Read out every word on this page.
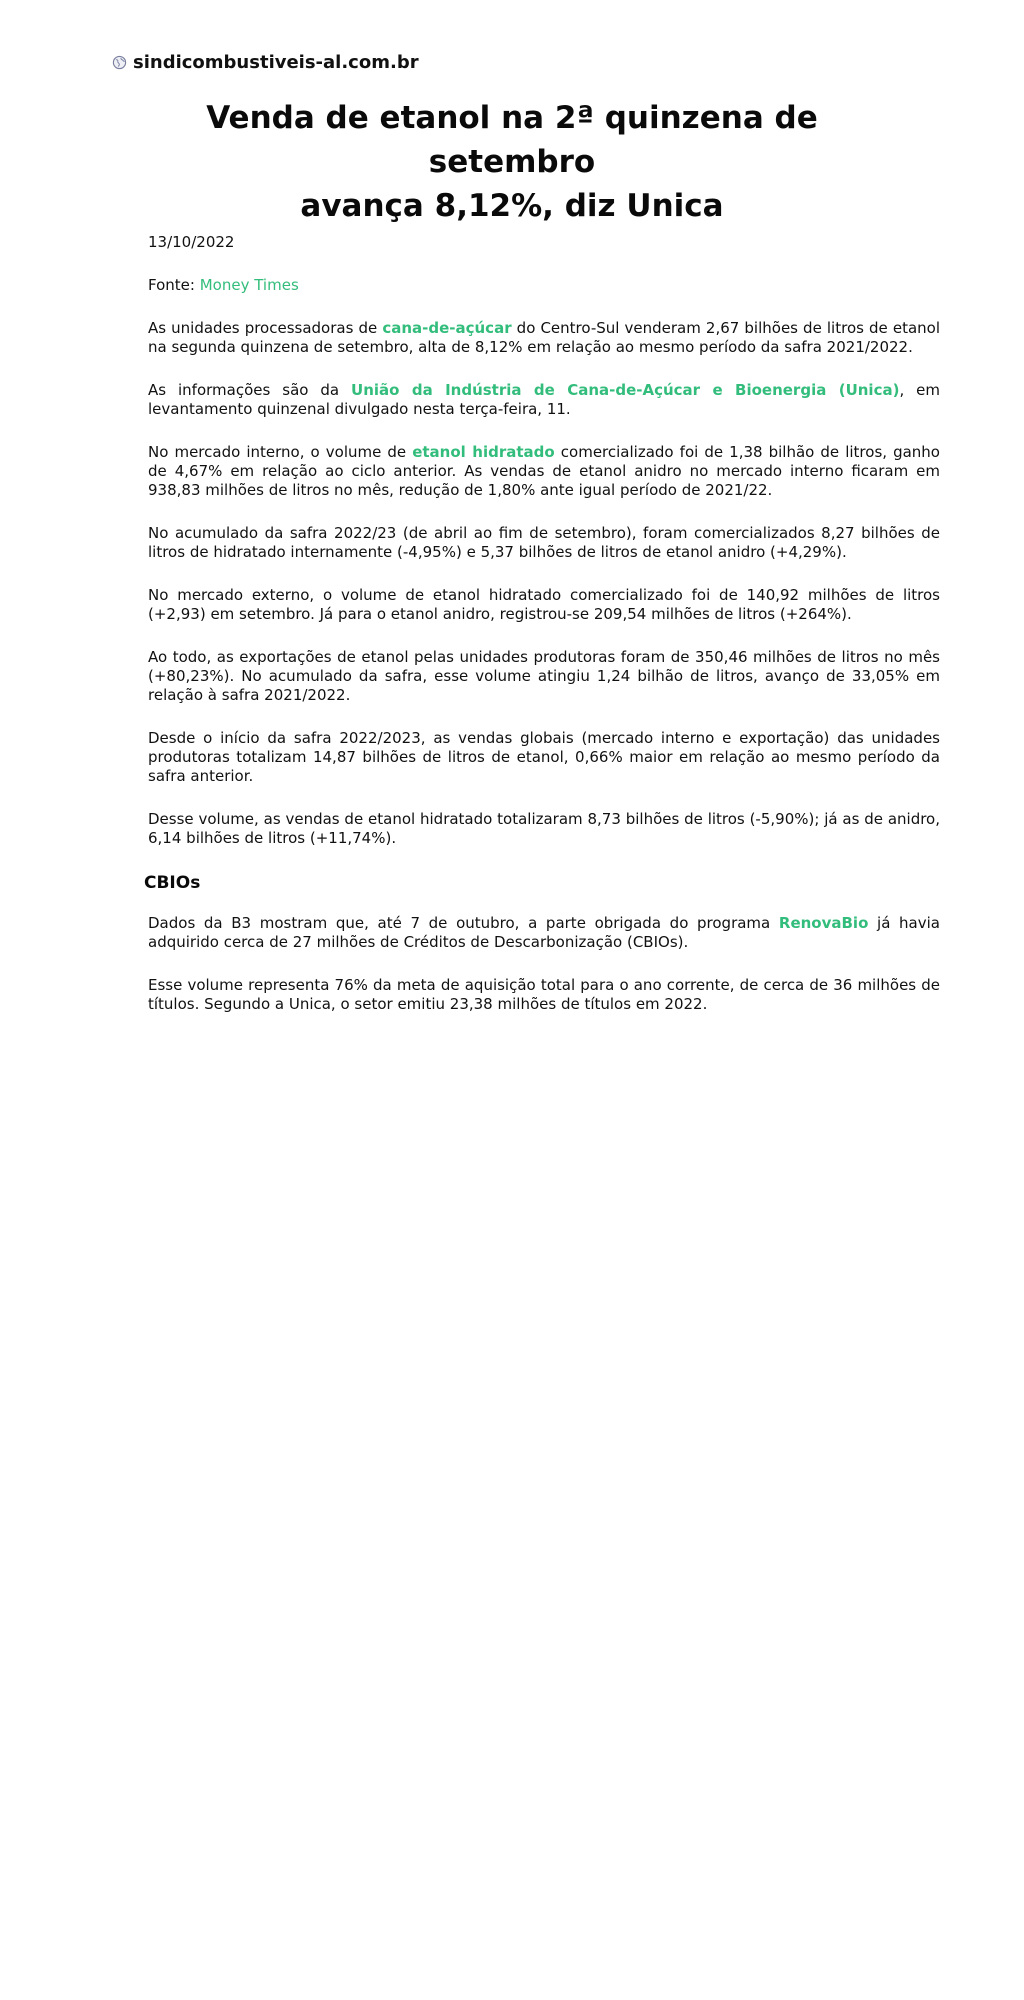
sindicombustiveis-al.com.br
Venda de etanol na 2ª quinzena de setembro
avança 8,12%, diz Unica

13/10/2022

Fonte: Money Times

As unidades processadoras de cana-de-açúcar do Centro-Sul venderam 2,67 bilhões de litros de etanol na segunda quinzena de setembro, alta de 8,12% em relação ao mesmo período da safra 2021/2022.

As informações são da União da Indústria de Cana-de-Açúcar e Bioenergia (Unica), em levantamento quinzenal divulgado nesta terça-feira, 11.

No mercado interno, o volume de etanol hidratado comercializado foi de 1,38 bilhão de litros, ganho de 4,67% em relação ao ciclo anterior. As vendas de etanol anidro no mercado interno ficaram em 938,83 milhões de litros no mês, redução de 1,80% ante igual período de 2021/22.

No acumulado da safra 2022/23 (de abril ao fim de setembro), foram comercializados 8,27 bilhões de litros de hidratado internamente (-4,95%) e 5,37 bilhões de litros de etanol anidro (+4,29%).

No mercado externo, o volume de etanol hidratado comercializado foi de 140,92 milhões de litros (+2,93) em setembro. Já para o etanol anidro, registrou-se 209,54 milhões de litros (+264%).

Ao todo, as exportações de etanol pelas unidades produtoras foram de 350,46 milhões de litros no mês (+80,23%). No acumulado da safra, esse volume atingiu 1,24 bilhão de litros, avanço de 33,05% em relação à safra 2021/2022.

Desde o início da safra 2022/2023, as vendas globais (mercado interno e exportação) das unidades produtoras totalizam 14,87 bilhões de litros de etanol, 0,66% maior em relação ao mesmo período da safra anterior.

Desse volume, as vendas de etanol hidratado totalizaram 8,73 bilhões de litros (-5,90%); já as de anidro, 6,14 bilhões de litros (+11,74%).

CBIOs

Dados da B3 mostram que, até 7 de outubro, a parte obrigada do programa RenovaBio já havia adquirido cerca de 27 milhões de Créditos de Descarbonização (CBIOs).

Esse volume representa 76% da meta de aquisição total para o ano corrente, de cerca de 36 milhões de títulos. Segundo a Unica, o setor emitiu 23,38 milhões de títulos em 2022.
